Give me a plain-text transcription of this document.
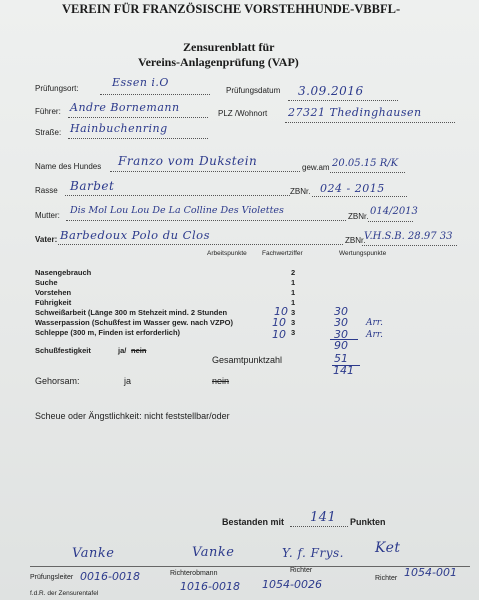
VEREIN FÜR FRANZÖSISCHE VORSTEHHUNDE-VBBFL-
Zensurenblatt für
Vereins-Anlagenprüfung (VAP)
Prüfungsort:	Essen i.O
Prüfungsdatum 3.09.2016
Führer: Andre Bornemann	PLZ /Wohnort 27321 Thedinghausen
Straße: Hainbuchenring
Name des Hundes Franzo vom Dukstein	gew.am 20.05.15 R/K
Rasse Barbet	ZBNr. 024 - 2015
Mutter: Dis Mol Lou Lou De La Colline Des Violettes
ZBNr. 014/2013
Vater: Barbedoux Polo du Clos	ZBNr.
V.H.S.B. 28.97 33
Arbeitspunkte Fachwertziffer	Wertungspunkte
Nasengebrauch	2
Suche	1
Vorstehen	1
Führigkeit	1
Schweißarbeit (Länge 300 m Stehzeit mind. 2 Stunden	10 3	30
Wasserpassion (Schußfest im Wasser gew. nach VZPO)	10 3	30 Arr.
Schleppe (300 m, Finden ist erforderlich)	10 3	30 Arr.
90
51
141
Schußfestigkeit	ja/ nein
Gesamtpunktzahl
Gehorsam:	ja	nein
Scheue oder Ängstlichkeit: nicht feststellbar/oder
Bestanden mit 141 Punkten
Vanke	Vanke	Y. f. Frys. Ket
Prüfungsleiter 0016-0018	Richterobmann
1016-0018
Richter
1054-0026	Richter 1054-001
f.d.R. der Zensurentafel
